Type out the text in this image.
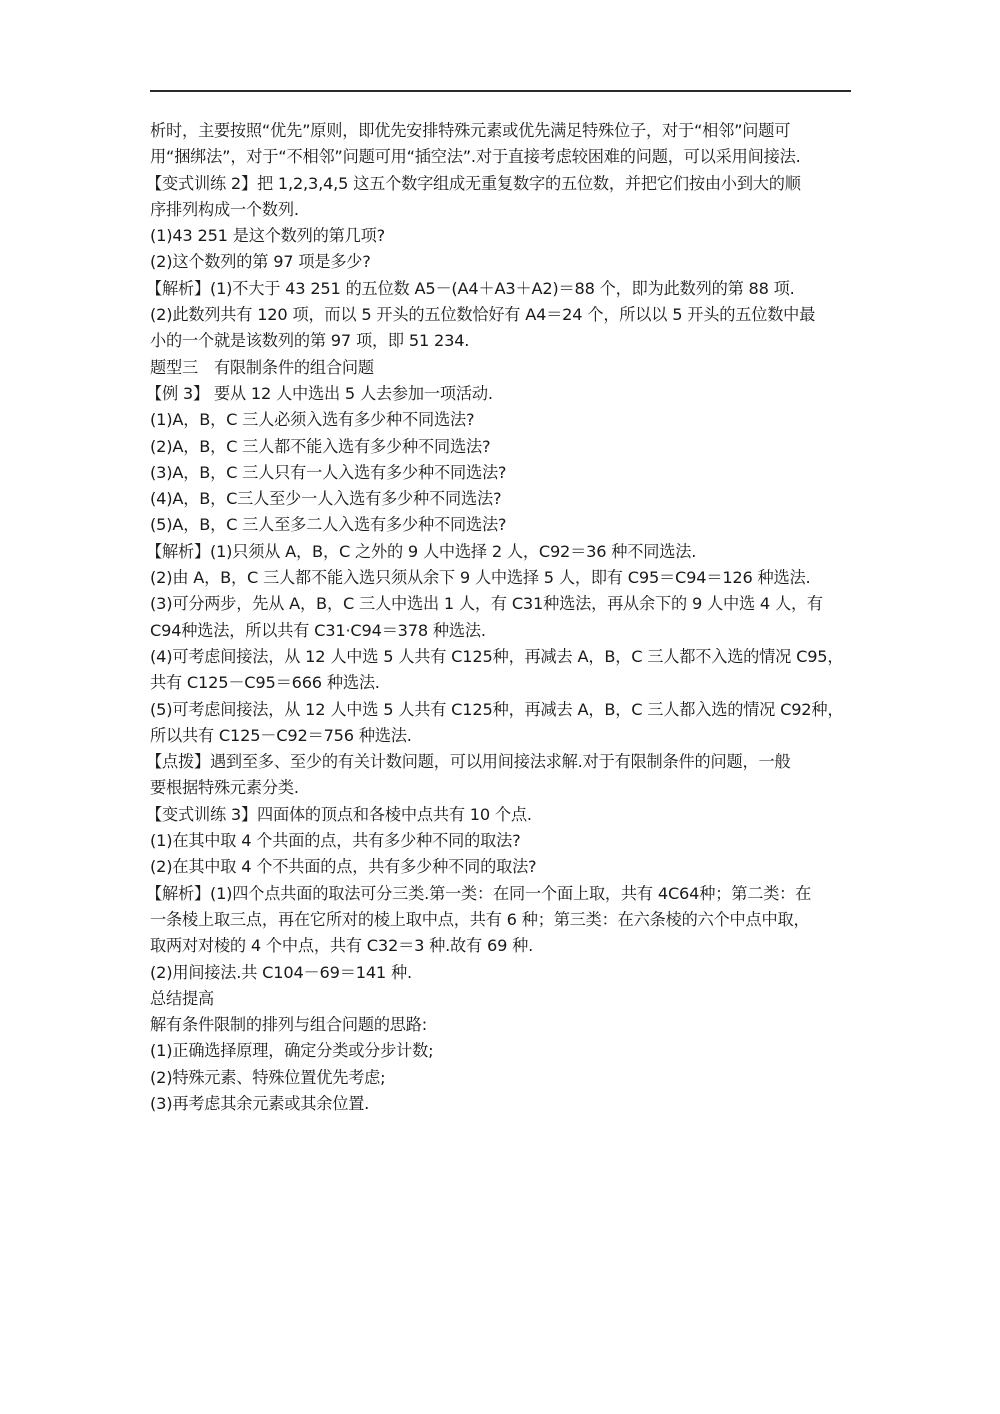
析时，主要按照“优先”原则，即优先安排特殊元素或优先满足特殊位子，对于“相邻”问题可
用“捆绑法”，对于“不相邻”问题可用“插空法”.对于直接考虑较困难的问题，可以采用间接法.
【变式训练 2】把 1,2,3,4,5 这五个数字组成无重复数字的五位数，并把它们按由小到大的顺
序排列构成一个数列.
(1)43 251 是这个数列的第几项?
(2)这个数列的第 97 项是多少?
【解析】(1)不大于 43 251 的五位数 A5－(A4＋A3＋A2)＝88 个，即为此数列的第 88 项.
(2)此数列共有 120 项，而以 5 开头的五位数恰好有 A4＝24 个，所以以 5 开头的五位数中最
小的一个就是该数列的第 97 项，即 51 234.
题型三　有限制条件的组合问题
【例 3】 要从 12 人中选出 5 人去参加一项活动.
(1)A，B，C 三人必须入选有多少种不同选法?
(2)A，B，C 三人都不能入选有多少种不同选法?
(3)A，B，C 三人只有一人入选有多少种不同选法?
(4)A，B，C三人至少一人入选有多少种不同选法?
(5)A，B，C 三人至多二人入选有多少种不同选法?
【解析】(1)只须从 A，B，C 之外的 9 人中选择 2 人，C92＝36 种不同选法.
(2)由 A，B，C 三人都不能入选只须从余下 9 人中选择 5 人，即有 C95＝C94＝126 种选法.
(3)可分两步，先从 A，B，C 三人中选出 1 人，有 C31种选法，再从余下的 9 人中选 4 人，有
C94种选法，所以共有 C31·C94＝378 种选法.
(4)可考虑间接法，从 12 人中选 5 人共有 C125种，再减去 A，B，C 三人都不入选的情况 C95，
共有 C125－C95＝666 种选法.
(5)可考虑间接法，从 12 人中选 5 人共有 C125种，再减去 A，B，C 三人都入选的情况 C92种，
所以共有 C125－C92＝756 种选法.
【点拨】遇到至多、至少的有关计数问题，可以用间接法求解.对于有限制条件的问题，一般
要根据特殊元素分类.
【变式训练 3】四面体的顶点和各棱中点共有 10 个点.
(1)在其中取 4 个共面的点，共有多少种不同的取法?
(2)在其中取 4 个不共面的点，共有多少种不同的取法?
【解析】(1)四个点共面的取法可分三类.第一类：在同一个面上取，共有 4C64种；第二类：在
一条棱上取三点，再在它所对的棱上取中点，共有 6 种；第三类：在六条棱的六个中点中取，
取两对对棱的 4 个中点，共有 C32＝3 种.故有 69 种.
(2)用间接法.共 C104－69＝141 种.
总结提高
解有条件限制的排列与组合问题的思路:
(1)正确选择原理，确定分类或分步计数;
(2)特殊元素、特殊位置优先考虑;
(3)再考虑其余元素或其余位置.
